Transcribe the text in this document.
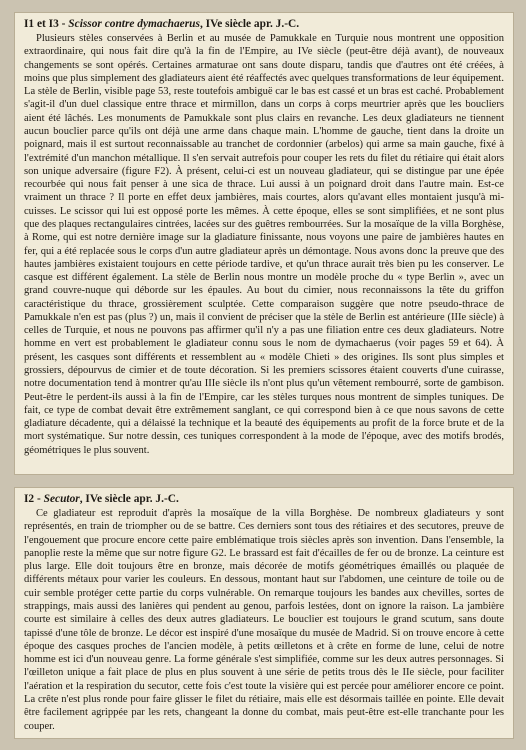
I1 et I3 - Scissor contre dymachaerus, IVe siècle apr. J.-C.

Plusieurs stèles conservées à Berlin et au musée de Pamukkale en Turquie nous montrent une opposition extraordinaire, qui nous fait dire qu'à la fin de l'Empire, au IVe siècle (peut-être déjà avant), de nouveaux changements se sont opérés. Certaines armaturae ont sans doute disparu, tandis que d'autres ont été créées, à moins que plus simplement des gladiateurs aient été réaffectés avec quelques transformations de leur équipement. La stèle de Berlin, visible page 53, reste toutefois ambiguë car le bas est cassé et un bras est caché. Probablement s'agit-il d'un duel classique entre thrace et mirmillon, dans un corps à corps meurtrier après que les boucliers aient été lâchés. Les monuments de Pamukkale sont plus clairs en revanche. Les deux gladiateurs ne tiennent aucun bouclier parce qu'ils ont déjà une arme dans chaque main. L'homme de gauche, tient dans la droite un poignard, mais il est surtout reconnaissable au tranchet de cordonnier (arbelos) qui arme sa main gauche, fixé à l'extrémité d'un manchon métallique. Il s'en servait autrefois pour couper les rets du filet du rétiaire qui était alors son unique adversaire (figure F2). À présent, celui-ci est un nouveau gladiateur, qui se distingue par une épée recourbée qui nous fait penser à une sica de thrace. Lui aussi à un poignard droit dans l'autre main. Est-ce vraiment un thrace ? Il porte en effet deux jambières, mais courtes, alors qu'avant elles montaient jusqu'à mi-cuisses. Le scissor qui lui est opposé porte les mêmes. À cette époque, elles se sont simplifiées, et ne sont plus que des plaques rectangulaires cintrées, lacées sur des guêtres rembourrées. Sur la mosaïque de la villa Borghèse, à Rome, qui est notre dernière image sur la gladiature finissante, nous voyons une paire de jambières hautes en fer, qui a été replacée sous le corps d'un autre gladiateur après un démontage. Nous avons donc la preuve que des hautes jambières existaient toujours en cette période tardive, et qu'un thrace aurait très bien pu les conserver. Le casque est différent également. La stèle de Berlin nous montre un modèle proche du « type Berlin », avec un grand couvre-nuque qui déborde sur les épaules. Au bout du cimier, nous reconnaissons la tête du griffon caractéristique du thrace, grossièrement sculptée. Cette comparaison suggère que notre pseudo-thrace de Pamukkale n'en est pas (plus ?) un, mais il convient de préciser que la stèle de Berlin est antérieure (IIIe siècle) à celles de Turquie, et nous ne pouvons pas affirmer qu'il n'y a pas une filiation entre ces deux gladiateurs. Notre homme en vert est probablement le gladiateur connu sous le nom de dymachaerus (voir pages 59 et 64). À présent, les casques sont différents et ressemblent au « modèle Chieti » des origines. Ils sont plus simples et grossiers, dépourvus de cimier et de toute décoration. Si les premiers scissores étaient couverts d'une cuirasse, notre documentation tend à montrer qu'au IIIe siècle ils n'ont plus qu'un vêtement rembourré, sorte de gambison. Peut-être le perdent-ils aussi à la fin de l'Empire, car les stèles turques nous montrent de simples tuniques. De fait, ce type de combat devait être extrêmement sanglant, ce qui correspond bien à ce que nous savons de cette gladiature décadente, qui a délaissé la technique et la beauté des équipements au profit de la force brute et de la mort systématique. Sur notre dessin, ces tuniques correspondent à la mode de l'époque, avec des motifs brodés, géométriques le plus souvent.

I2 - Secutor, IVe siècle apr. J.-C.

Ce gladiateur est reproduit d'après la mosaïque de la villa Borghèse. De nombreux gladiateurs y sont représentés, en train de triompher ou de se battre. Ces derniers sont tous des rétiaires et des secutores, preuve de l'engouement que procure encore cette paire emblématique trois siècles après son invention. Dans l'ensemble, la panoplie reste la même que sur notre figure G2. Le brassard est fait d'écailles de fer ou de bronze. La ceinture est plus large. Elle doit toujours être en bronze, mais décorée de motifs géométriques émaillés ou plaquée de différents métaux pour varier les couleurs. En dessous, montant haut sur l'abdomen, une ceinture de toile ou de cuir semble protéger cette partie du corps vulnérable. On remarque toujours les bandes aux chevilles, sortes de strappings, mais aussi des lanières qui pendent au genou, parfois lestées, dont on ignore la raison. La jambière courte est similaire à celles des deux autres gladiateurs. Le bouclier est toujours le grand scutum, sans doute tapissé d'une tôle de bronze. Le décor est inspiré d'une mosaïque du musée de Madrid. Si on trouve encore à cette époque des casques proches de l'ancien modèle, à petits œilletons et à crête en forme de lune, celui de notre homme est ici d'un nouveau genre. La forme générale s'est simplifiée, comme sur les deux autres personnages. Si l'œilleton unique a fait place de plus en plus souvent à une série de petits trous dès le IIe siècle, pour faciliter l'aération et la respiration du secutor, cette fois c'est toute la visière qui est percée pour améliorer encore ce point. La crête n'est plus ronde pour faire glisser le filet du rétiaire, mais elle est désormais taillée en pointe. Elle devait être facilement agrippée par les rets, changeant la donne du combat, mais peut-être est-elle tranchante pour les couper.
